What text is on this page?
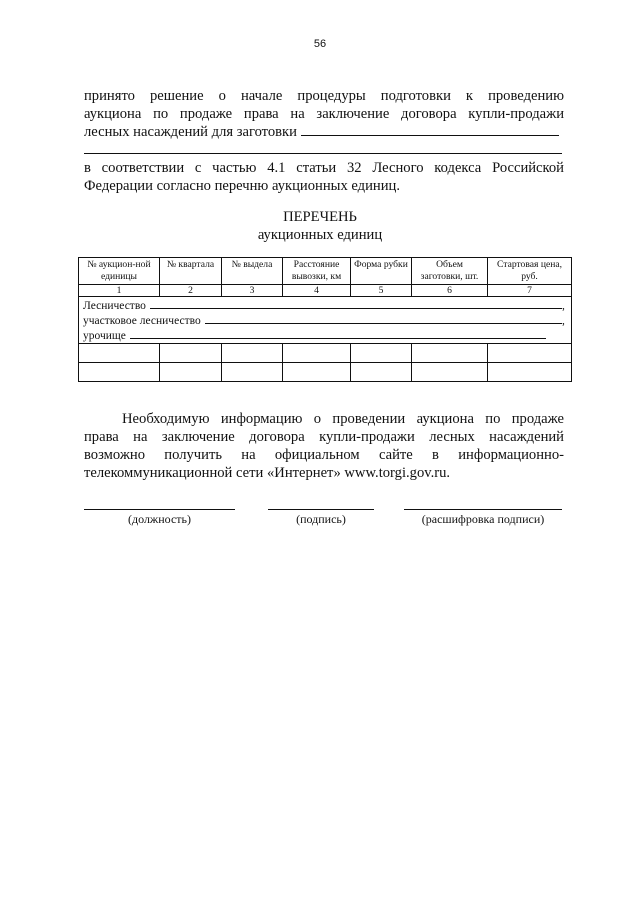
56
принято решение о начале процедуры подготовки к проведению
аукциона по продаже права на заключение договора купли-продажи
лесных насаждений для заготовки
в соответствии с частью 4.1 статьи 32 Лесного кодекса Российской
Федерации согласно перечню аукционных единиц.
ПЕРЕЧЕНЬ
аукционных единиц
№ аукцион-ной единицы	№ квартала	№ выдела	Расстояние вывозки, км	Форма рубки	Объем заготовки, шт.	Стартовая цена, руб.
1	2	3	4	5	6	7

Лесничество ,
участковое лесничество ,
урочище						

Необходимую информацию о проведении аукциона по продаже
права на заключение договора купли-продажи лесных насаждений
возможно получить на официальном сайте в информационно-
телекоммуникационной сети «Интернет» www.torgi.gov.ru.
(должность)	(подпись)	(расшифровка подписи)
